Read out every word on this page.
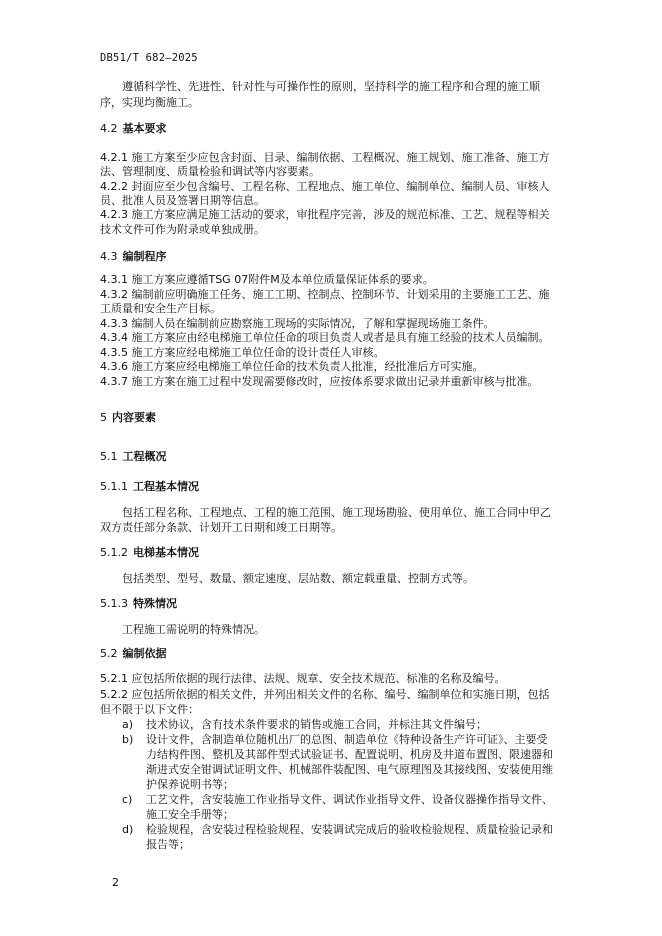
DB51/T 682—2025
遵循科学性、先进性、针对性与可操作性的原则，坚持科学的施工程序和合理的施工顺
序，实现均衡施工。
4.2 基本要求
4.2.1 施工方案至少应包含封面、目录、编制依据、工程概况、施工规划、施工准备、施工方
法、管理制度、质量检验和调试等内容要素。
4.2.2 封面应至少包含编号、工程名称、工程地点、施工单位、编制单位、编制人员、审核人
员、批准人员及签署日期等信息。
4.2.3 施工方案应满足施工活动的要求，审批程序完善，涉及的规范标准、工艺、规程等相关
技术文件可作为附录或单独成册。
4.3 编制程序
4.3.1 施工方案应遵循TSG 07附件M及本单位质量保证体系的要求。
4.3.2 编制前应明确施工任务、施工工期、控制点、控制环节、计划采用的主要施工工艺、施
工质量和安全生产目标。
4.3.3 编制人员在编制前应勘察施工现场的实际情况，了解和掌握现场施工条件。
4.3.4 施工方案应由经电梯施工单位任命的项目负责人或者是具有施工经验的技术人员编制。
4.3.5 施工方案应经电梯施工单位任命的设计责任人审核。
4.3.6 施工方案应经电梯施工单位任命的技术负责人批准，经批准后方可实施。
4.3.7 施工方案在施工过程中发现需要修改时，应按体系要求做出记录并重新审核与批准。
5 内容要素
5.1 工程概况
5.1.1 工程基本情况
包括工程名称、工程地点、工程的施工范围、施工现场勘验、使用单位、施工合同中甲乙
双方责任部分条款、计划开工日期和竣工日期等。
5.1.2 电梯基本情况
包括类型、型号、数量、额定速度、层站数、额定载重量、控制方式等。
5.1.3 特殊情况
工程施工需说明的特殊情况。
5.2 编制依据
5.2.1 应包括所依据的现行法律、法规、规章、安全技术规范、标准的名称及编号。
5.2.2 应包括所依据的相关文件，并列出相关文件的名称、编号、编制单位和实施日期，包括
但不限于以下文件：
a) 技术协议，含有技术条件要求的销售或施工合同，并标注其文件编号；
b) 设计文件，含制造单位随机出厂的总图、制造单位《特种设备生产许可证》、主要受
力结构件图、整机及其部件型式试验证书、配置说明、机房及井道布置图、限速器和
渐进式安全钳调试证明文件、机械部件装配图、电气原理图及其接线图、安装使用维
护保养说明书等；
c) 工艺文件，含安装施工作业指导文件、调试作业指导文件、设备仪器操作指导文件、
施工安全手册等；
d) 检验规程，含安装过程检验规程、安装调试完成后的验收检验规程、质量检验记录和
报告等；
2
